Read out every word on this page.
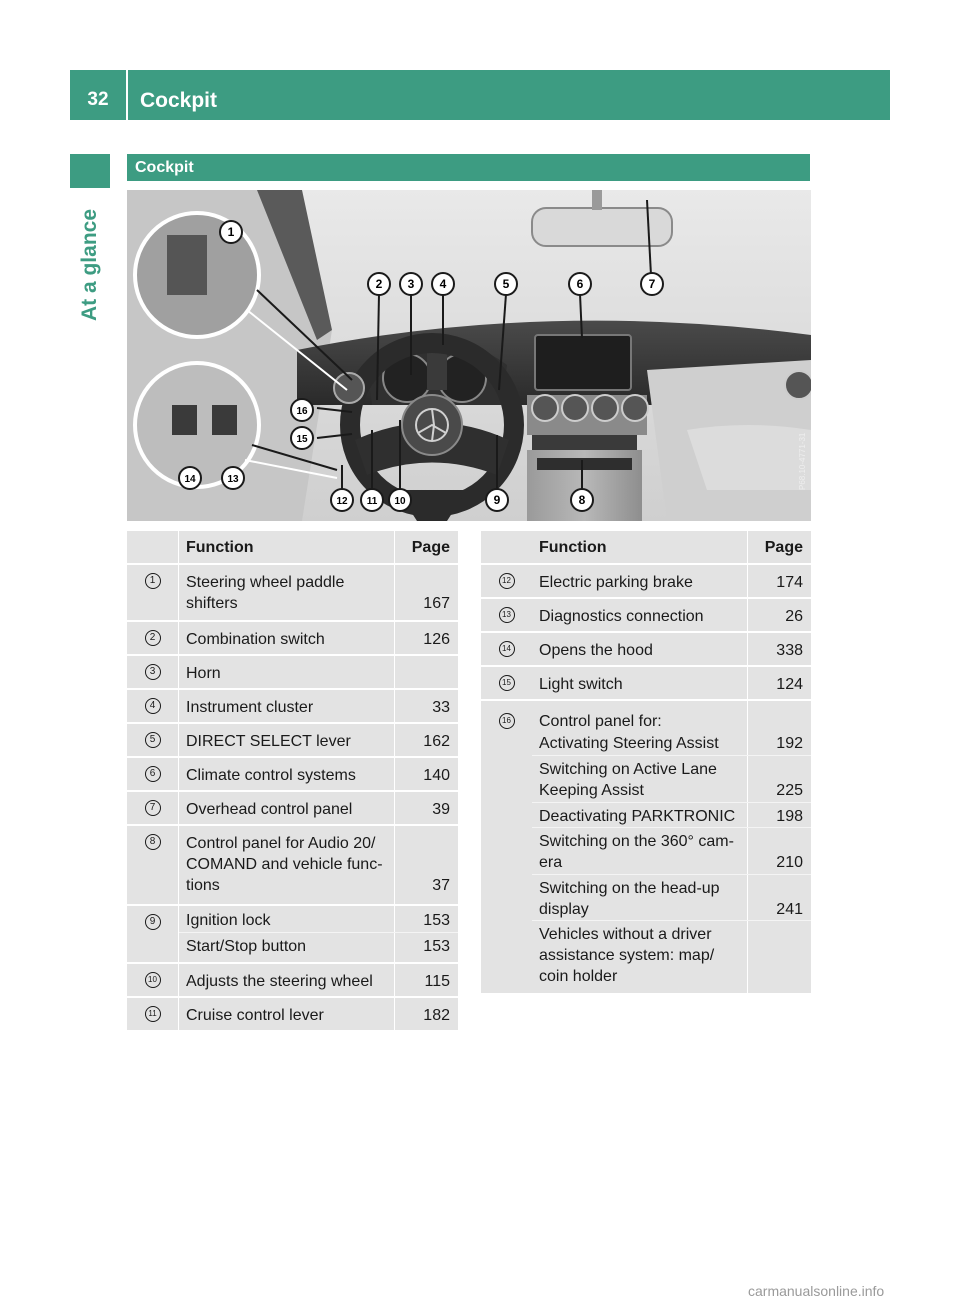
32	Cockpit
At a glance
Cockpit
1
2 3 4	5	6	7
8
9
10
11
12
13
14
15
16
P68.10-4771-31
carmanualsonline.info
Function	Page	Function	Page
1	Steering wheel paddle shifters	167
2	Combination switch	126
3	Horn
4	Instrument cluster	33
5	DIRECT SELECT lever	162
6	Climate control systems	140
7	Overhead control panel	39
8	Control panel for Audio 20/ COMAND and vehicle func- tions	37
9	Ignition lock	153
Start/Stop button	153
10 Adjusts the steering wheel	115
11 Cruise control lever	182
12 Electric parking brake	174
13 Diagnostics connection	26
14 Opens the hood	338
15 Light switch	124
16 Control panel for:
Activating Steering Assist	192
Switching on Active Lane Keeping Assist	225
Deactivating PARKTRONIC	198
Switching on the 360° cam- era	210
Switching on the head-up display	241
Vehicles without a driver assistance system: map/ coin holder
